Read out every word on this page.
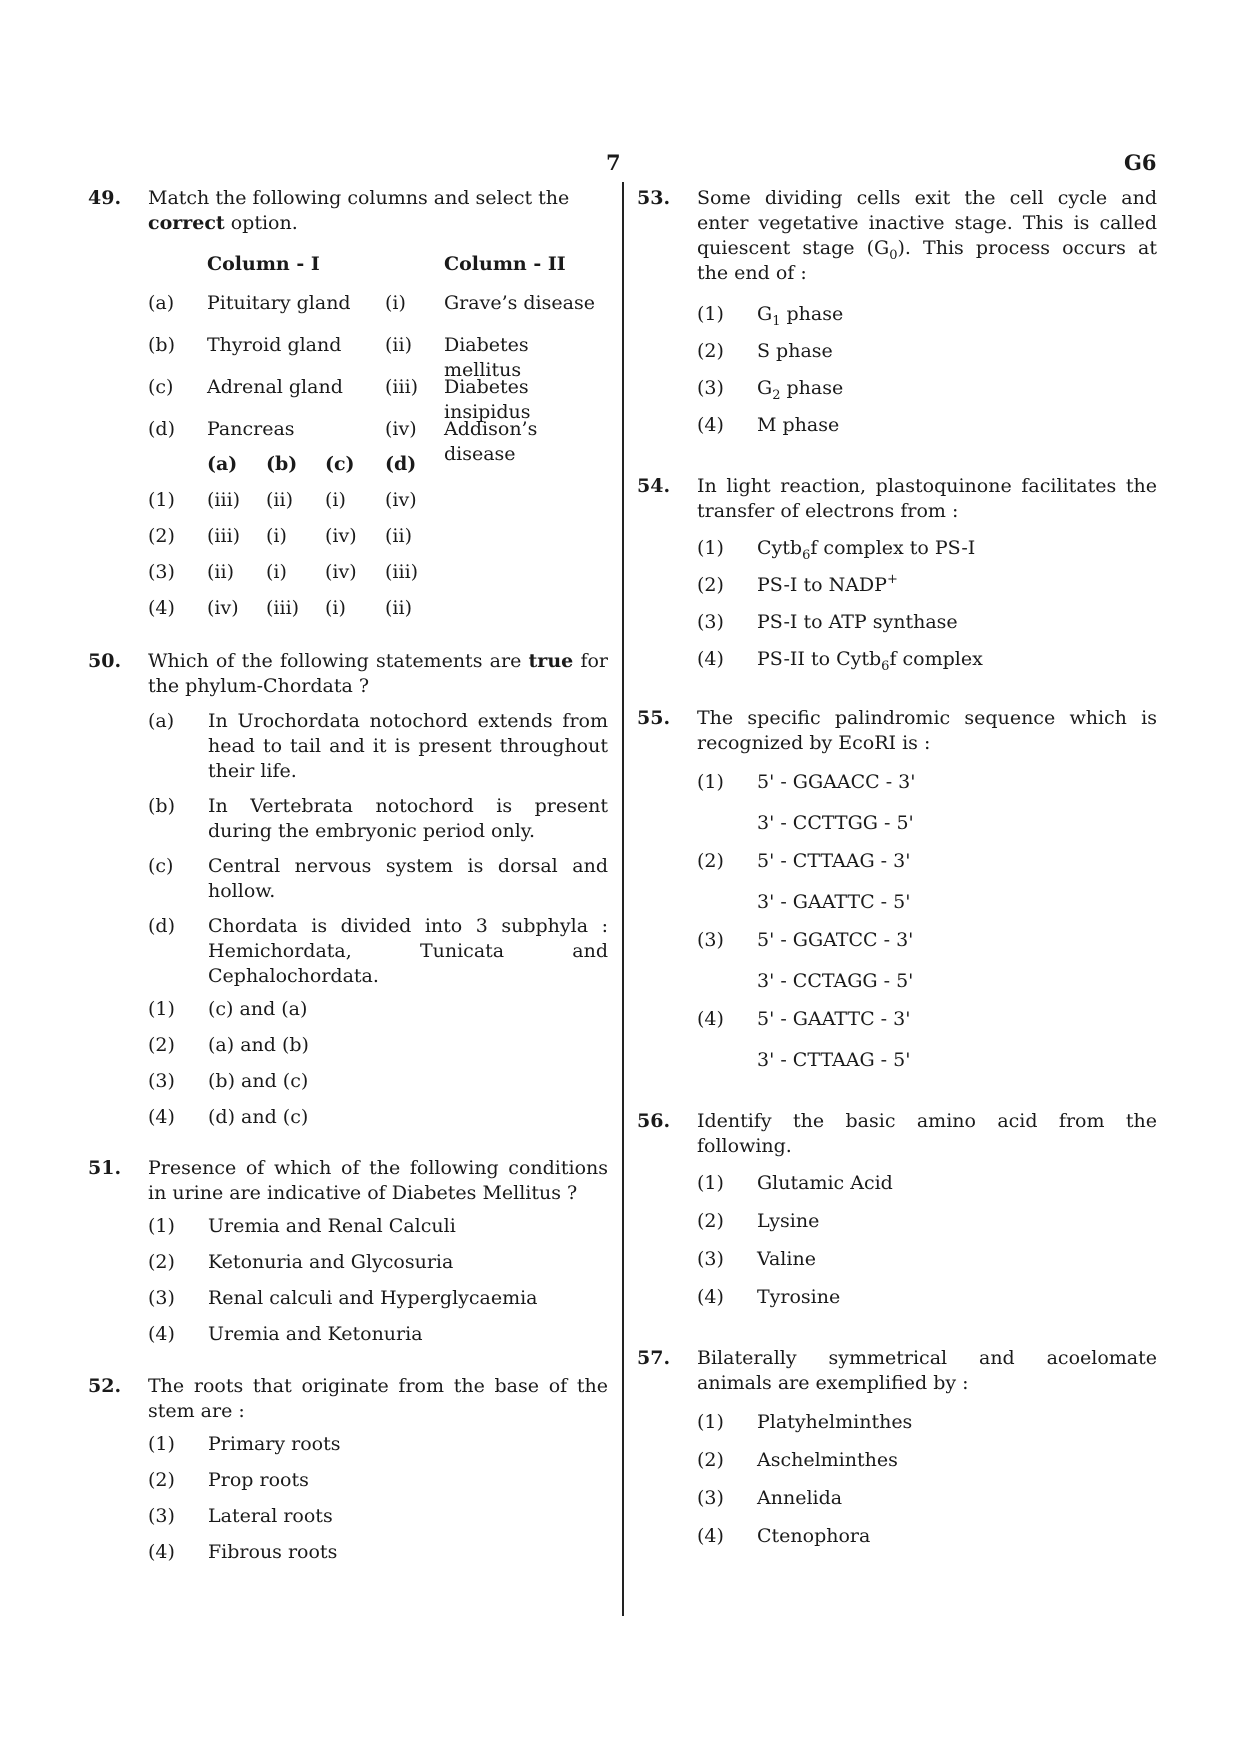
7	G6
49. Match the following columns and select the
correct option.
Column - I	Column - II
(a) Pituitary gland (i) Grave’s disease
(b) Thyroid gland (ii) Diabetes mellitus
(c) Adrenal gland (iii) Diabetes insipidus
(d) Pancreas	(iv) Addison’s disease
(a) (b) (c) (d)
(1) (iii) (ii) (i) (iv)
(2) (iii) (i) (iv) (ii)
(3) (ii) (i) (iv) (iii)
(4) (iv) (iii) (i) (ii)
50. Which of the following statements are true for the phylum-Chordata ?
(a) In Urochordata notochord extends from head to tail and it is present throughout their life.
(b) In Vertebrata notochord is present during the embryonic period only.
(c) Central nervous system is dorsal and hollow.
(d) Chordata is divided into 3 subphyla : Hemichordata, Tunicata and Cephalochordata.
(1) (c) and (a)
(2) (a) and (b)
(3) (b) and (c)
(4) (d) and (c)
51. Presence of which of the following conditions in urine are indicative of Diabetes Mellitus ?
(1) Uremia and Renal Calculi
(2) Ketonuria and Glycosuria
(3) Renal calculi and Hyperglycaemia
(4) Uremia and Ketonuria
52. The roots that originate from the base of the stem are :
(1) Primary roots
(2) Prop roots
(3) Lateral roots
(4) Fibrous roots
53. Some dividing cells exit the cell cycle and enter vegetative inactive stage. This is called quiescent stage $(G_0)$. This process occurs at the end of :
(1) $G_1$ phase
(2) S phase
(3) $G_2$ phase
(4) M phase
54. In light reaction, plastoquinone facilitates the transfer of electrons from :
(1) Cytb$_6$f complex to PS-I
(2) PS-I to NADP+
(3) PS-I to ATP synthase
(4) PS-II to Cytb$_6$f complex
55. The specific palindromic sequence which is recognized by EcoRI is :
(1) 5' - GGAACC - 3'
3' - CCTTGG - 5'
(2) 5' - CTTAAG - 3'
3' - GAATTC - 5'
(3) 5' - GGATCC - 3'
3' - CCTAGG - 5'
(4) 5' - GAATTC - 3'
3' - CTTAAG - 5'
56. Identify the basic amino acid from the following.
(1) Glutamic Acid
(2) Lysine
(3) Valine
(4) Tyrosine
57. Bilaterally symmetrical and acoelomate animals are exemplified by :
(1) Platyhelminthes
(2) Aschelminthes
(3) Annelida
(4) Ctenophora
